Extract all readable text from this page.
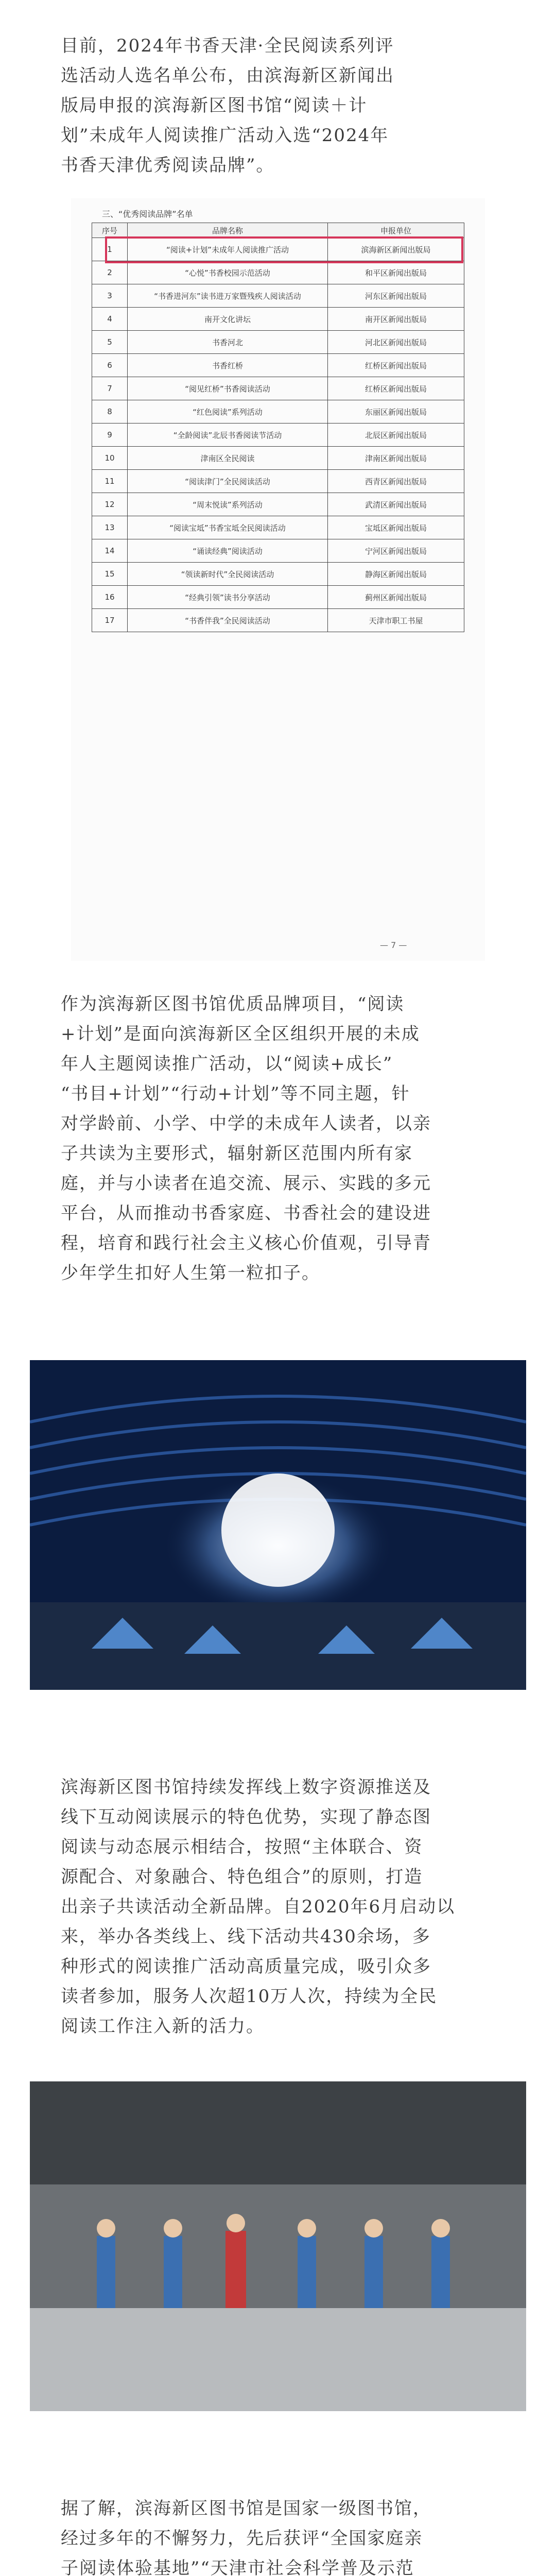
目前，2024年书香天津·全民阅读系列评
选活动人选名单公布，由滨海新区新闻出
版局申报的滨海新区图书馆“阅读＋计
划”未成年人阅读推广活动入选“2024年
书香天津优秀阅读品牌”。
三、“优秀阅读品牌”名单
序号	品牌名称	申报单位
1	“阅读+计划”未成年人阅读推广活动	滨海新区新闻出版局
2	“心悦”书香校园示范活动	和平区新闻出版局
3	“书香进河东”读书进万家暨残疾人阅读活动	河东区新闻出版局
4	南开文化讲坛	南开区新闻出版局
5	书香河北	河北区新闻出版局
6	书香红桥	红桥区新闻出版局
7	“阅见红桥”书香阅读活动	红桥区新闻出版局
8	“红色阅读”系列活动	东丽区新闻出版局
9	“全龄阅读”北辰书香阅读节活动	北辰区新闻出版局
10	津南区全民阅读	津南区新闻出版局
11	“阅读津门”全民阅读活动	西青区新闻出版局
12	“周末悦读”系列活动	武清区新闻出版局
13	“阅读宝坻”书香宝坻全民阅读活动	宝坻区新闻出版局
14	“诵读经典”阅读活动	宁河区新闻出版局
15	“领读新时代”全民阅读活动	静海区新闻出版局
16	“经典引领”读书分享活动	蓟州区新闻出版局
17	“书香伴我”全民阅读活动	天津市职工书屋
— 7 —
作为滨海新区图书馆优质品牌项目，“阅读
+计划”是面向滨海新区全区组织开展的未成
年人主题阅读推广活动，以“阅读+成长”
“书目+计划”“行动+计划”等不同主题，针
对学龄前、小学、中学的未成年人读者，以亲
子共读为主要形式，辐射新区范围内所有家
庭，并与小读者在追交流、展示、实践的多元
平台，从而推动书香家庭、书香社会的建设进
程，培育和践行社会主义核心价值观，引导青
少年学生扣好人生第一粒扣子。
滨海新区图书馆持续发挥线上数字资源推送及
线下互动阅读展示的特色优势，实现了静态图
阅读与动态展示相结合，按照“主体联合、资
源配合、对象融合、特色组合”的原则，打造
出亲子共读活动全新品牌。自2020年6月启动以
来，举办各类线上、线下活动共430余场，多
种形式的阅读推广活动高质量完成，吸引众多
读者参加，服务人次超10万人次，持续为全民
阅读工作注入新的活力。
据了解，滨海新区图书馆是国家一级图书馆，
经过多年的不懈努力，先后获评“全国家庭亲
子阅读体验基地”“天津市社会科学普及示范
